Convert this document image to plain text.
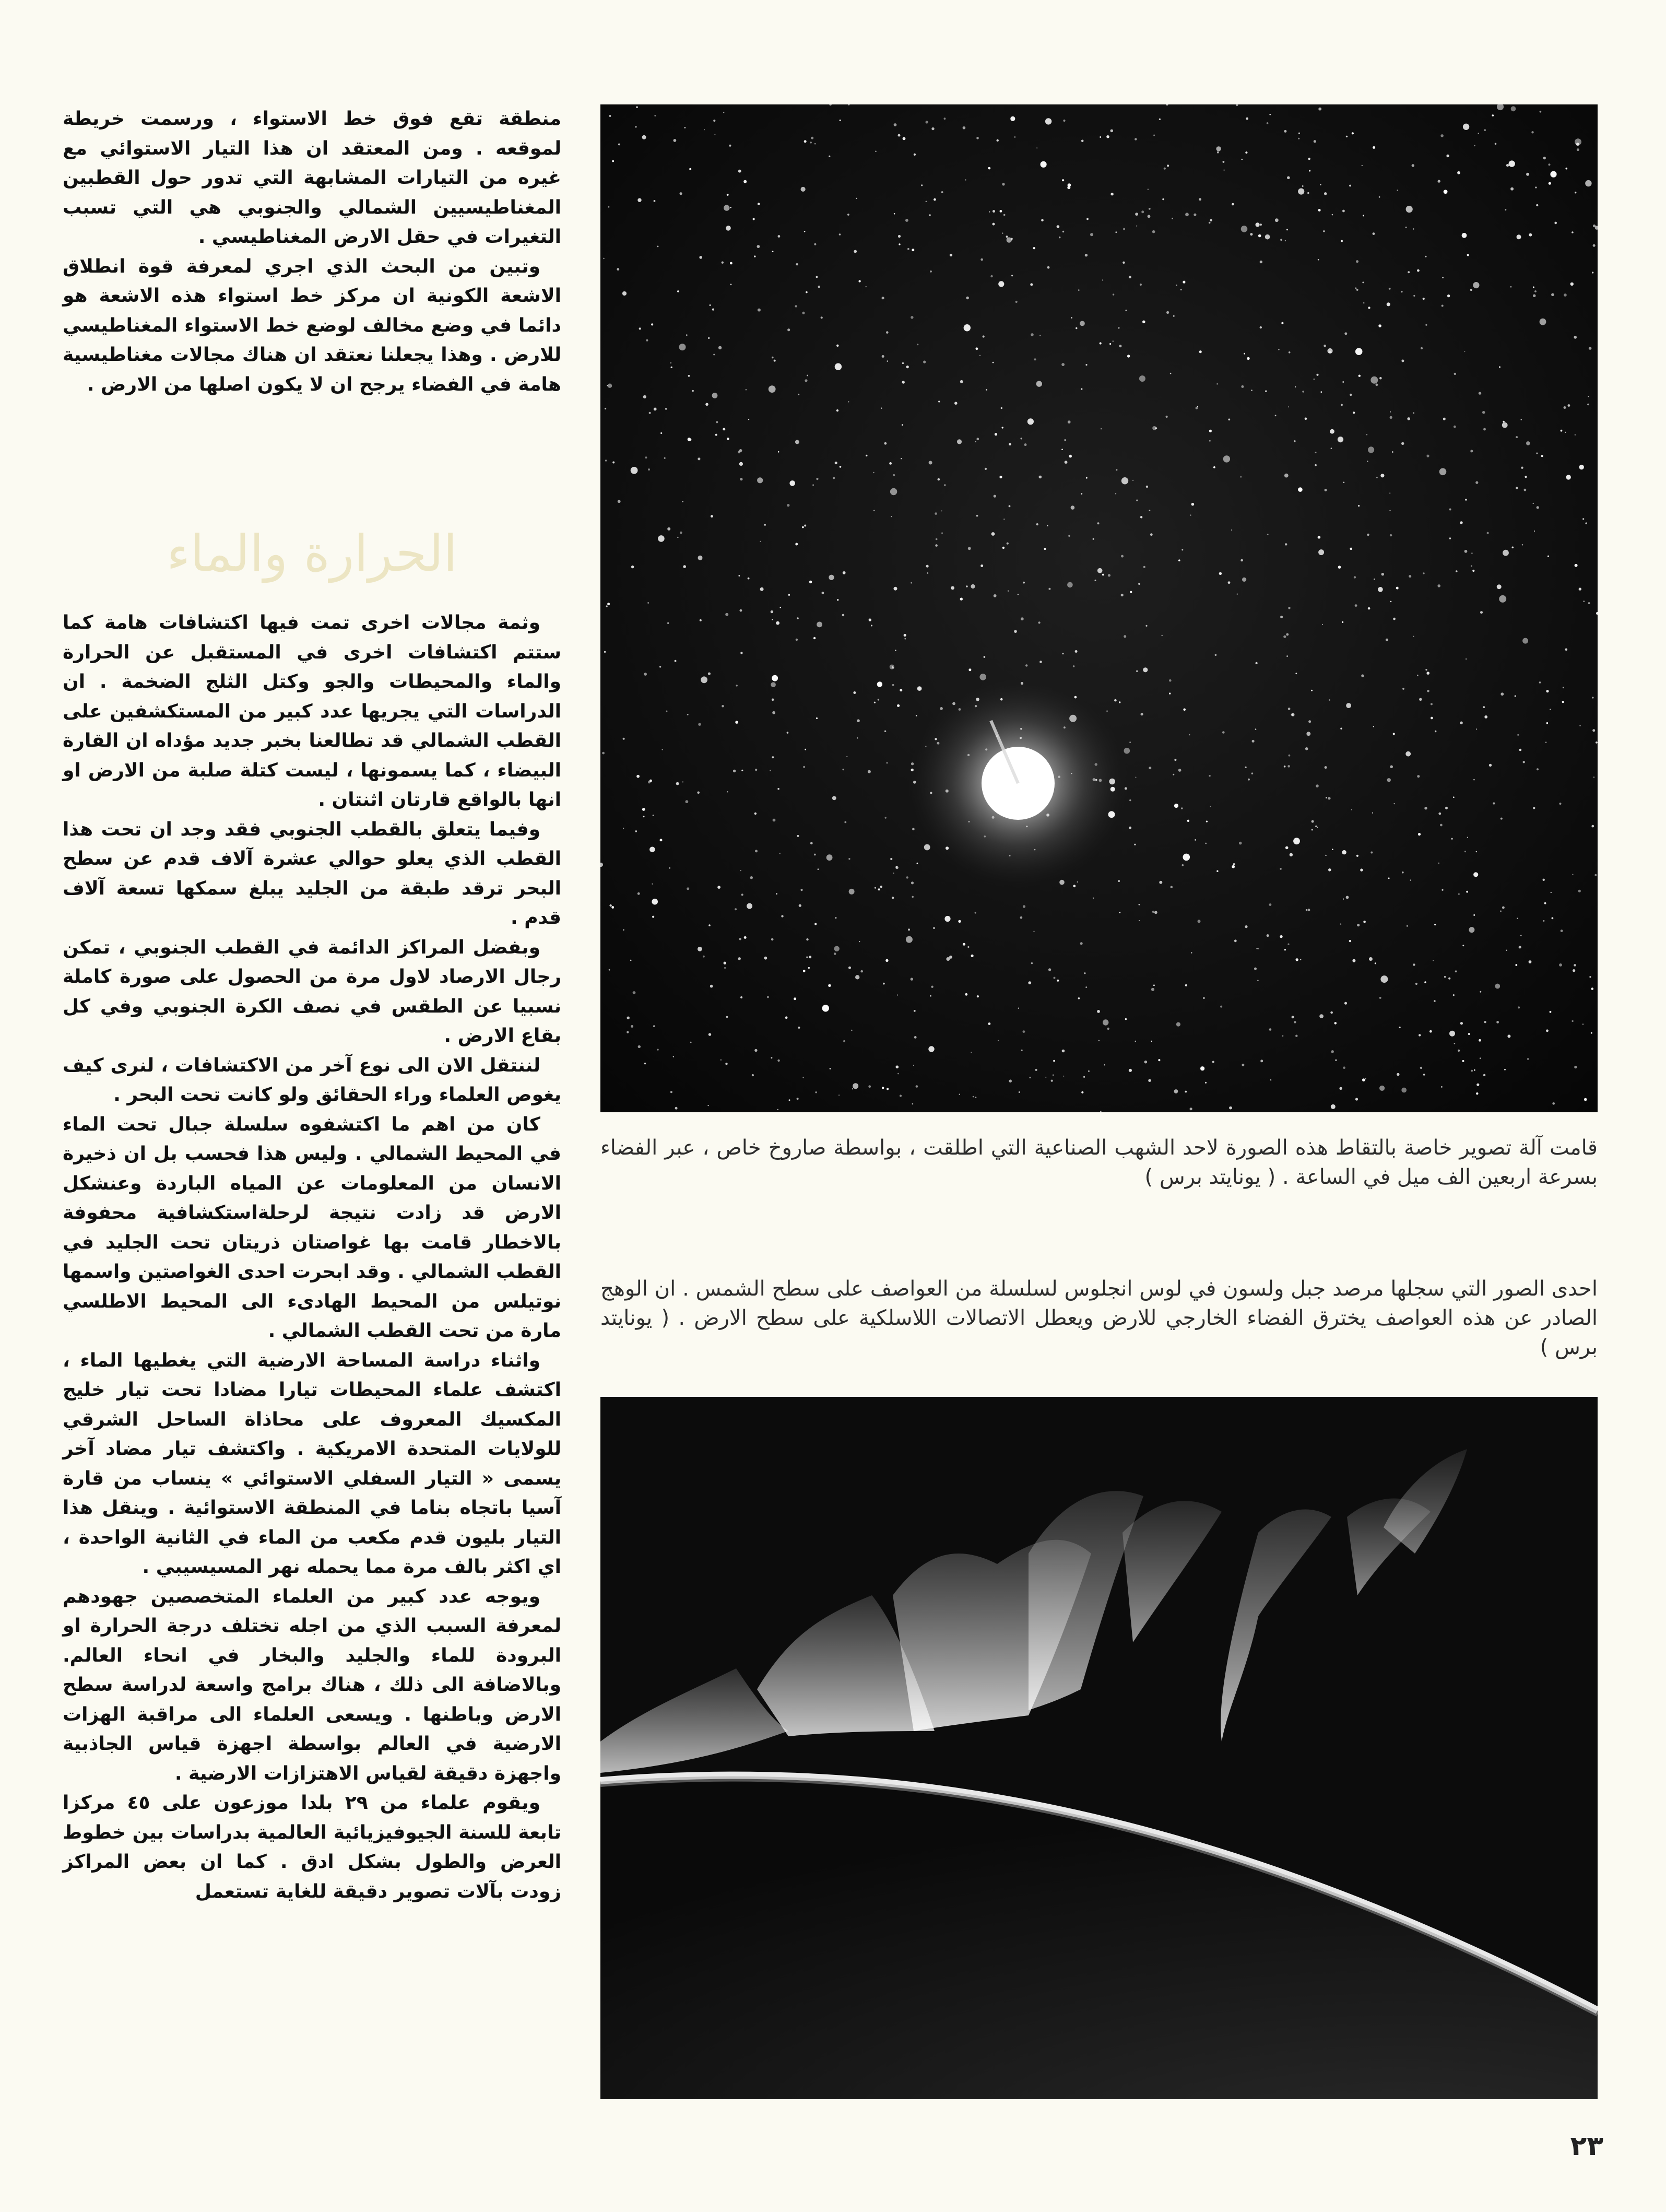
منطقة تقع فوق خط الاستواء ، ورسمت خريطة لموقعه . ومن المعتقد ان هذا التيار الاستوائي مع غيره من التيارات المشابهة التي تدور حول القطبين المغناطيسيين الشمالي والجنوبي هي التي تسبب التغيرات في حقل الارض المغناطيسي .

وتبين من البحث الذي اجري لمعرفة قوة انطلاق الاشعة الكونية ان مركز خط استواء هذه الاشعة هو دائما في وضع مخالف لوضع خط الاستواء المغناطيسي للارض . وهذا يجعلنا نعتقد ان هناك مجالات مغناطيسية هامة في الفضاء يرجح ان لا يكون اصلها من الارض .

الحرارة والماء

وثمة مجالات اخرى تمت فيها اكتشافات هامة كما ستتم اكتشافات اخرى في المستقبل عن الحرارة والماء والمحيطات والجو وكتل الثلج الضخمة . ان الدراسات التي يجريها عدد كبير من المستكشفين على القطب الشمالي قد تطالعنا بخبر جديد مؤداه ان القارة البيضاء ، كما يسمونها ، ليست كتلة صلبة من الارض او انها بالواقع قارتان اثنتان .

وفيما يتعلق بالقطب الجنوبي فقد وجد ان تحت هذا القطب الذي يعلو حوالي عشرة آلاف قدم عن سطح البحر ترقد طبقة من الجليد يبلغ سمكها تسعة آلاف قدم .

وبفضل المراكز الدائمة في القطب الجنوبي ، تمكن رجال الارصاد لاول مرة من الحصول على صورة كاملة نسبيا عن الطقس في نصف الكرة الجنوبي وفي كل بقاع الارض .

لننتقل الان الى نوع آخر من الاكتشافات ، لنرى كيف يغوص العلماء وراء الحقائق ولو كانت تحت البحر .

كان من اهم ما اكتشفوه سلسلة جبال تحت الماء في المحيط الشمالي . وليس هذا فحسب بل ان ذخيرة الانسان من المعلومات عن المياه الباردة وعنشكل الارض قد زادت نتيجة لرحلةاستكشافية محفوفة بالاخطار قامت بها غواصتان ذريتان تحت الجليد في القطب الشمالي . وقد ابحرت احدى الغواصتين واسمها نوتيلس من المحيط الهادىء الى المحيط الاطلسي مارة من تحت القطب الشمالي .

واثناء دراسة المساحة الارضية التي يغطيها الماء ، اكتشف علماء المحيطات تيارا مضادا تحت تيار خليج المكسيك المعروف على محاذاة الساحل الشرقي للولايات المتحدة الامريكية . واكتشف تيار مضاد آخر يسمى « التيار السفلي الاستوائي » ينساب من قارة آسيا باتجاه بناما في المنطقة الاستوائية . وينقل هذا التيار بليون قدم مكعب من الماء في الثانية الواحدة ، اي اكثر بالف مرة مما يحمله نهر المسيسيبي .

ويوجه عدد كبير من العلماء المتخصصين جهودهم لمعرفة السبب الذي من اجله تختلف درجة الحرارة او البرودة للماء والجليد والبخار في انحاء العالم. وبالاضافة الى ذلك ، هناك برامج واسعة لدراسة سطح الارض وباطنها . ويسعى العلماء الى مراقبة الهزات الارضية في العالم بواسطة اجهزة قياس الجاذبية واجهزة دقيقة لقياس الاهتزازات الارضية .

ويقوم علماء من ٢٩ بلدا موزعون على ٤٥ مركزا تابعة للسنة الجيوفيزيائية العالمية بدراسات بين خطوط العرض والطول بشكل ادق . كما ان بعض المراكز زودت بآلات تصوير دقيقة للغاية تستعمل

قامت آلة تصوير خاصة بالتقاط هذه الصورة لاحد الشهب الصناعية التي اطلقت ، بواسطة صاروخ خاص ، عبر الفضاء بسرعة اربعين الف ميل في الساعة . ( يونايتد برس )
احدى الصور التي سجلها مرصد جبل ولسون في لوس انجلوس لسلسلة من العواصف على سطح الشمس . ان الوهج الصادر عن هذه العواصف يخترق الفضاء الخارجي للارض ويعطل الاتصالات اللاسلكية على سطح الارض . ( يونايتد برس )
٢٣
